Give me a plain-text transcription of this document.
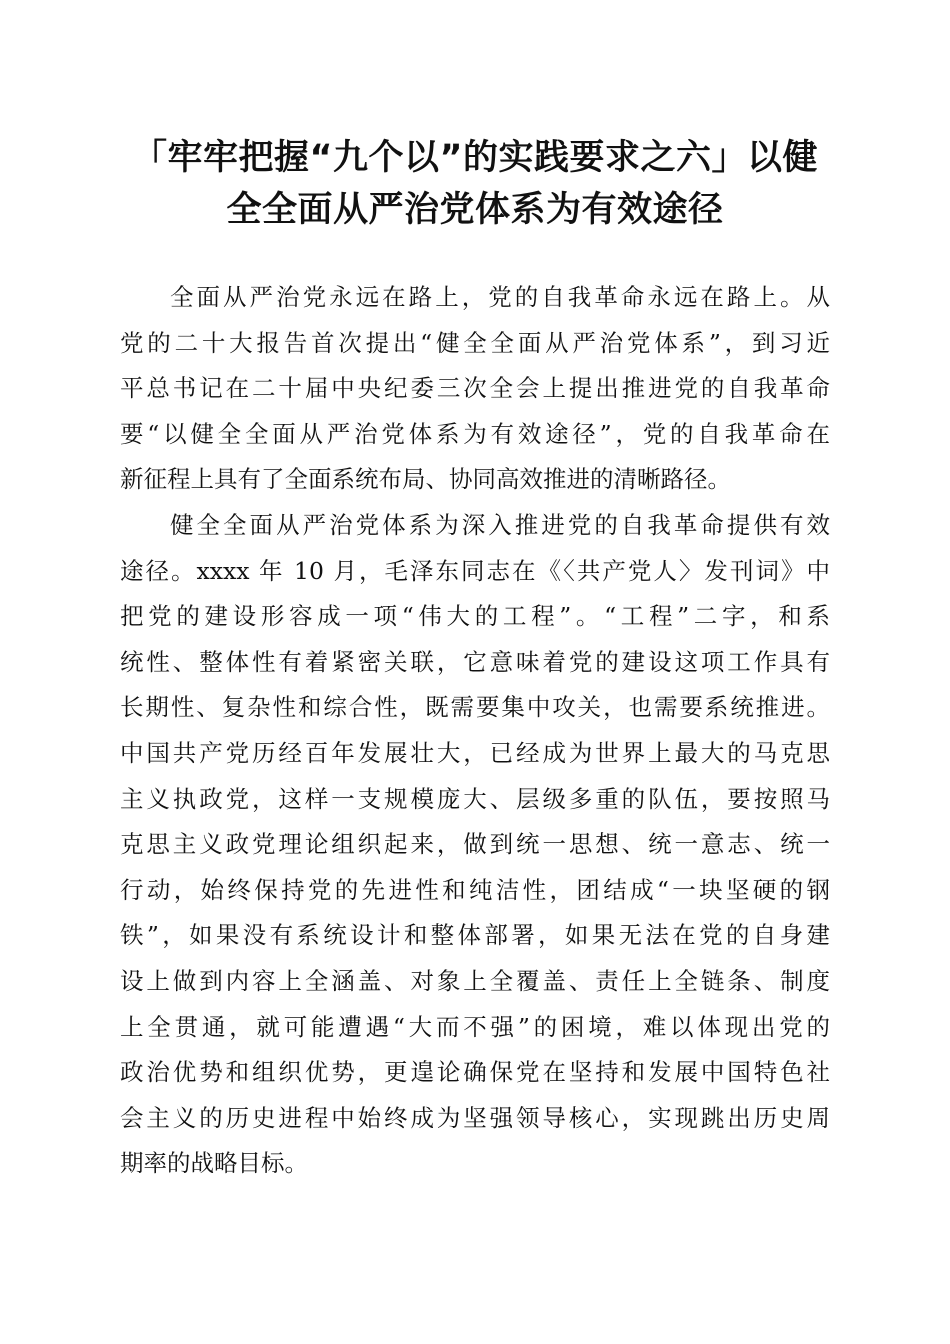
「牢牢把握“九个以”的实践要求之六」以健
全全面从严治党体系为有效途径

全面从严治党永远在路上，党的自我革命永远在路上。从
党的二十大报告首次提出“健全全面从严治党体系”，到习近
平总书记在二十届中央纪委三次全会上提出推进党的自我革命
要“以健全全面从严治党体系为有效途径”，党的自我革命在
新征程上具有了全面系统布局、协同高效推进的清晰路径。

健全全面从严治党体系为深入推进党的自我革命提供有效
途径。xxxx 年 10 月，毛泽东同志在《〈共产党人〉发刊词》中
把党的建设形容成一项“伟大的工程”。“工程”二字，和系
统性、整体性有着紧密关联，它意味着党的建设这项工作具有
长期性、复杂性和综合性，既需要集中攻关，也需要系统推进。
中国共产党历经百年发展壮大，已经成为世界上最大的马克思
主义执政党，这样一支规模庞大、层级多重的队伍，要按照马
克思主义政党理论组织起来，做到统一思想、统一意志、统一
行动，始终保持党的先进性和纯洁性，团结成“一块坚硬的钢
铁”，如果没有系统设计和整体部署，如果无法在党的自身建
设上做到内容上全涵盖、对象上全覆盖、责任上全链条、制度
上全贯通，就可能遭遇“大而不强”的困境，难以体现出党的
政治优势和组织优势，更遑论确保党在坚持和发展中国特色社
会主义的历史进程中始终成为坚强领导核心，实现跳出历史周
期率的战略目标。
